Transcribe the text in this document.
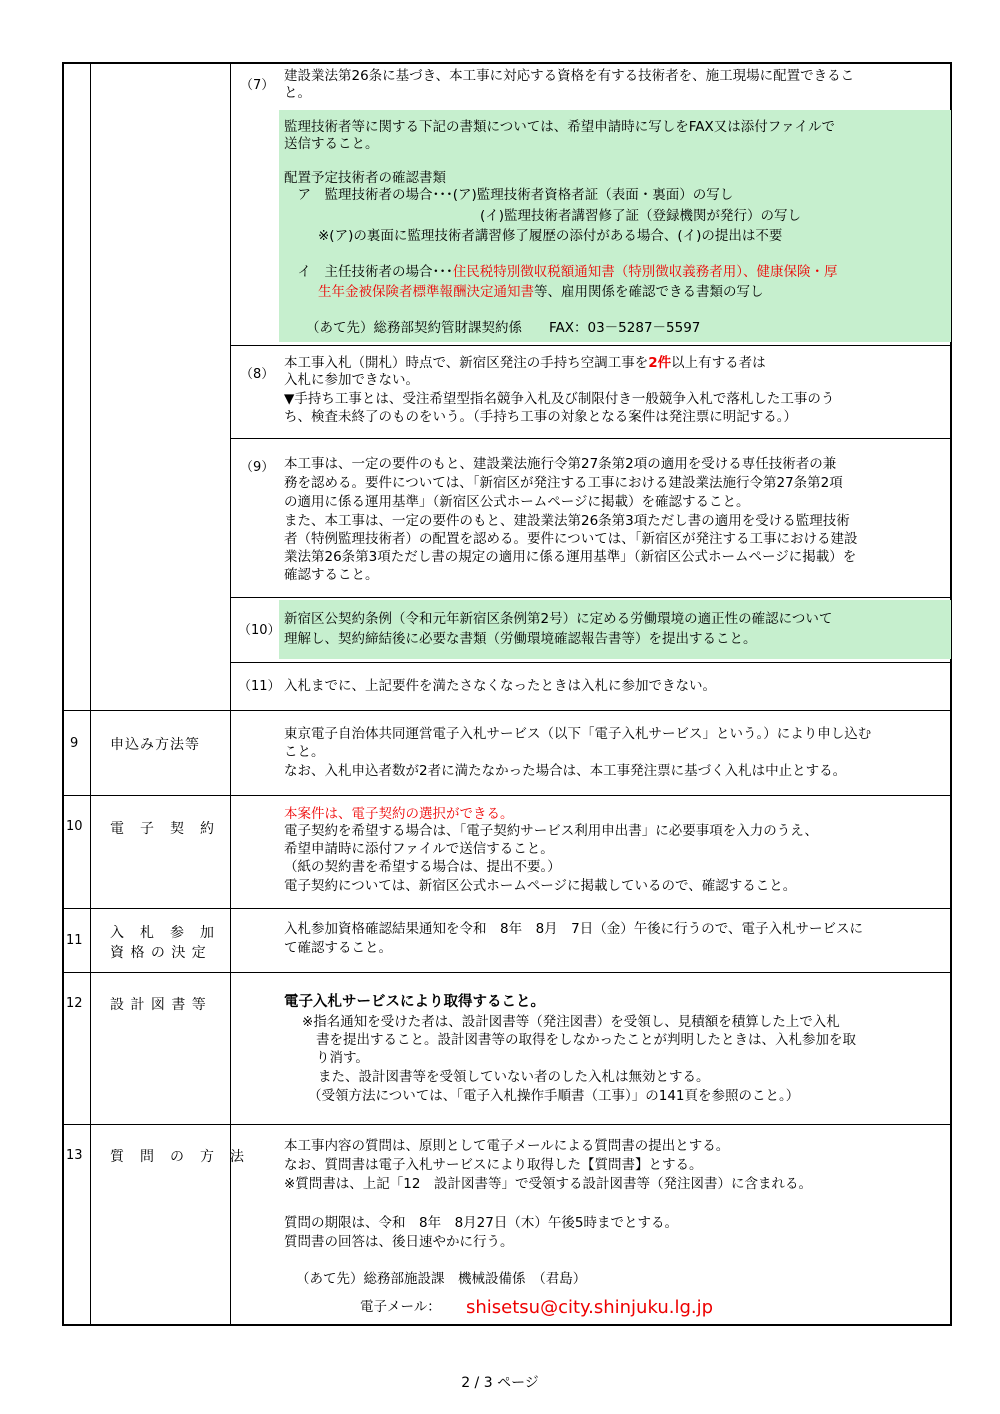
（7）
建設業法第26条に基づき、本工事に対応する資格を有する技術者を、施工現場に配置できるこ
と。
監理技術者等に関する下記の書類については、希望申請時に写しをFAX又は添付ファイルで
送信すること。
配置予定技術者の確認書類
　ア　監理技術者の場合･･･(ア)監理技術者資格者証（表面・裏面）の写し
(イ)監理技術者講習修了証（登録機関が発行）の写し
※(ア)の裏面に監理技術者講習修了履歴の添付がある場合、(イ)の提出は不要
　イ　主任技術者の場合･･･住民税特別徴収税額通知書（特別徴収義務者用）、健康保険・厚
生年金被保険者標準報酬決定通知書等、雇用関係を確認できる書類の写し
（あて先）総務部契約管財課契約係　　FAX：03－5287－5597
（8）
本工事入札（開札）時点で、新宿区発注の手持ち空調工事を2件以上有する者は
入札に参加できない。
▼手持ち工事とは、受注希望型指名競争入札及び制限付き一般競争入札で落札した工事のう
ち、検査未終了のものをいう。（手持ち工事の対象となる案件は発注票に明記する。）
（9） 本工事は、一定の要件のもと、建設業法施行令第27条第2項の適用を受ける専任技術者の兼
務を認める。要件については、「新宿区が発注する工事における建設業法施行令第27条第2項
の適用に係る運用基準」（新宿区公式ホームページに掲載）を確認すること。
また、本工事は、一定の要件のもと、建設業法第26条第3項ただし書の適用を受ける監理技術
者（特例監理技術者）の配置を認める。要件については、「新宿区が発注する工事における建設
業法第26条第3項ただし書の規定の適用に係る運用基準」（新宿区公式ホームページに掲載）を
確認すること。
（10）
新宿区公契約条例（令和元年新宿区条例第2号）に定める労働環境の適正性の確認について
理解し、契約締結後に必要な書類（労働環境確認報告書等）を提出すること。
（11） 入札までに、上記要件を満たさなくなったときは入札に参加できない。
9 申込み方法等
東京電子自治体共同運営電子入札サービス（以下「電子入札サービス」という。）により申し込む
こと。
なお、入札申込者数が2者に満たなかった場合は、本工事発注票に基づく入札は中止とする。
10 電　子　契　約
本案件は、電子契約の選択ができる。
電子契約を希望する場合は、「電子契約サービス利用申出書」に必要事項を入力のうえ、
希望申請時に添付ファイルで送信すること。
（紙の契約書を希望する場合は、提出不要。）
電子契約については、新宿区公式ホームページに掲載しているので、確認すること。
11 入　札　参　加
資 格 の 決 定
入札参加資格確認結果通知を令和　8年　8月　7日（金）午後に行うので、電子入札サービスに
て確認すること。
12 設 計 図 書 等	電子入札サービスにより取得すること。
※指名通知を受けた者は、設計図書等（発注図書）を受領し、見積額を積算した上で入札
書を提出すること。設計図書等の取得をしなかったことが判明したときは、入札参加を取
り消す。
また、設計図書等を受領していない者のした入札は無効とする。
（受領方法については、「電子入札操作手順書（工事）」の141頁を参照のこと。）
13 質　問　の　方　法
本工事内容の質問は、原則として電子メールによる質問書の提出とする。
なお、質問書は電子入札サービスにより取得した【質問書】とする。
※質問書は、上記「12　設計図書等」で受領する設計図書等（発注図書）に含まれる。
質問の期限は、令和　8年　8月27日（木）午後5時までとする。
質問書の回答は、後日速やかに行う。
（あて先）総務部施設課　機械設備係　（君島）
電子メール： shisetsu@city.shinjuku.lg.jp
2 / 3 ページ
